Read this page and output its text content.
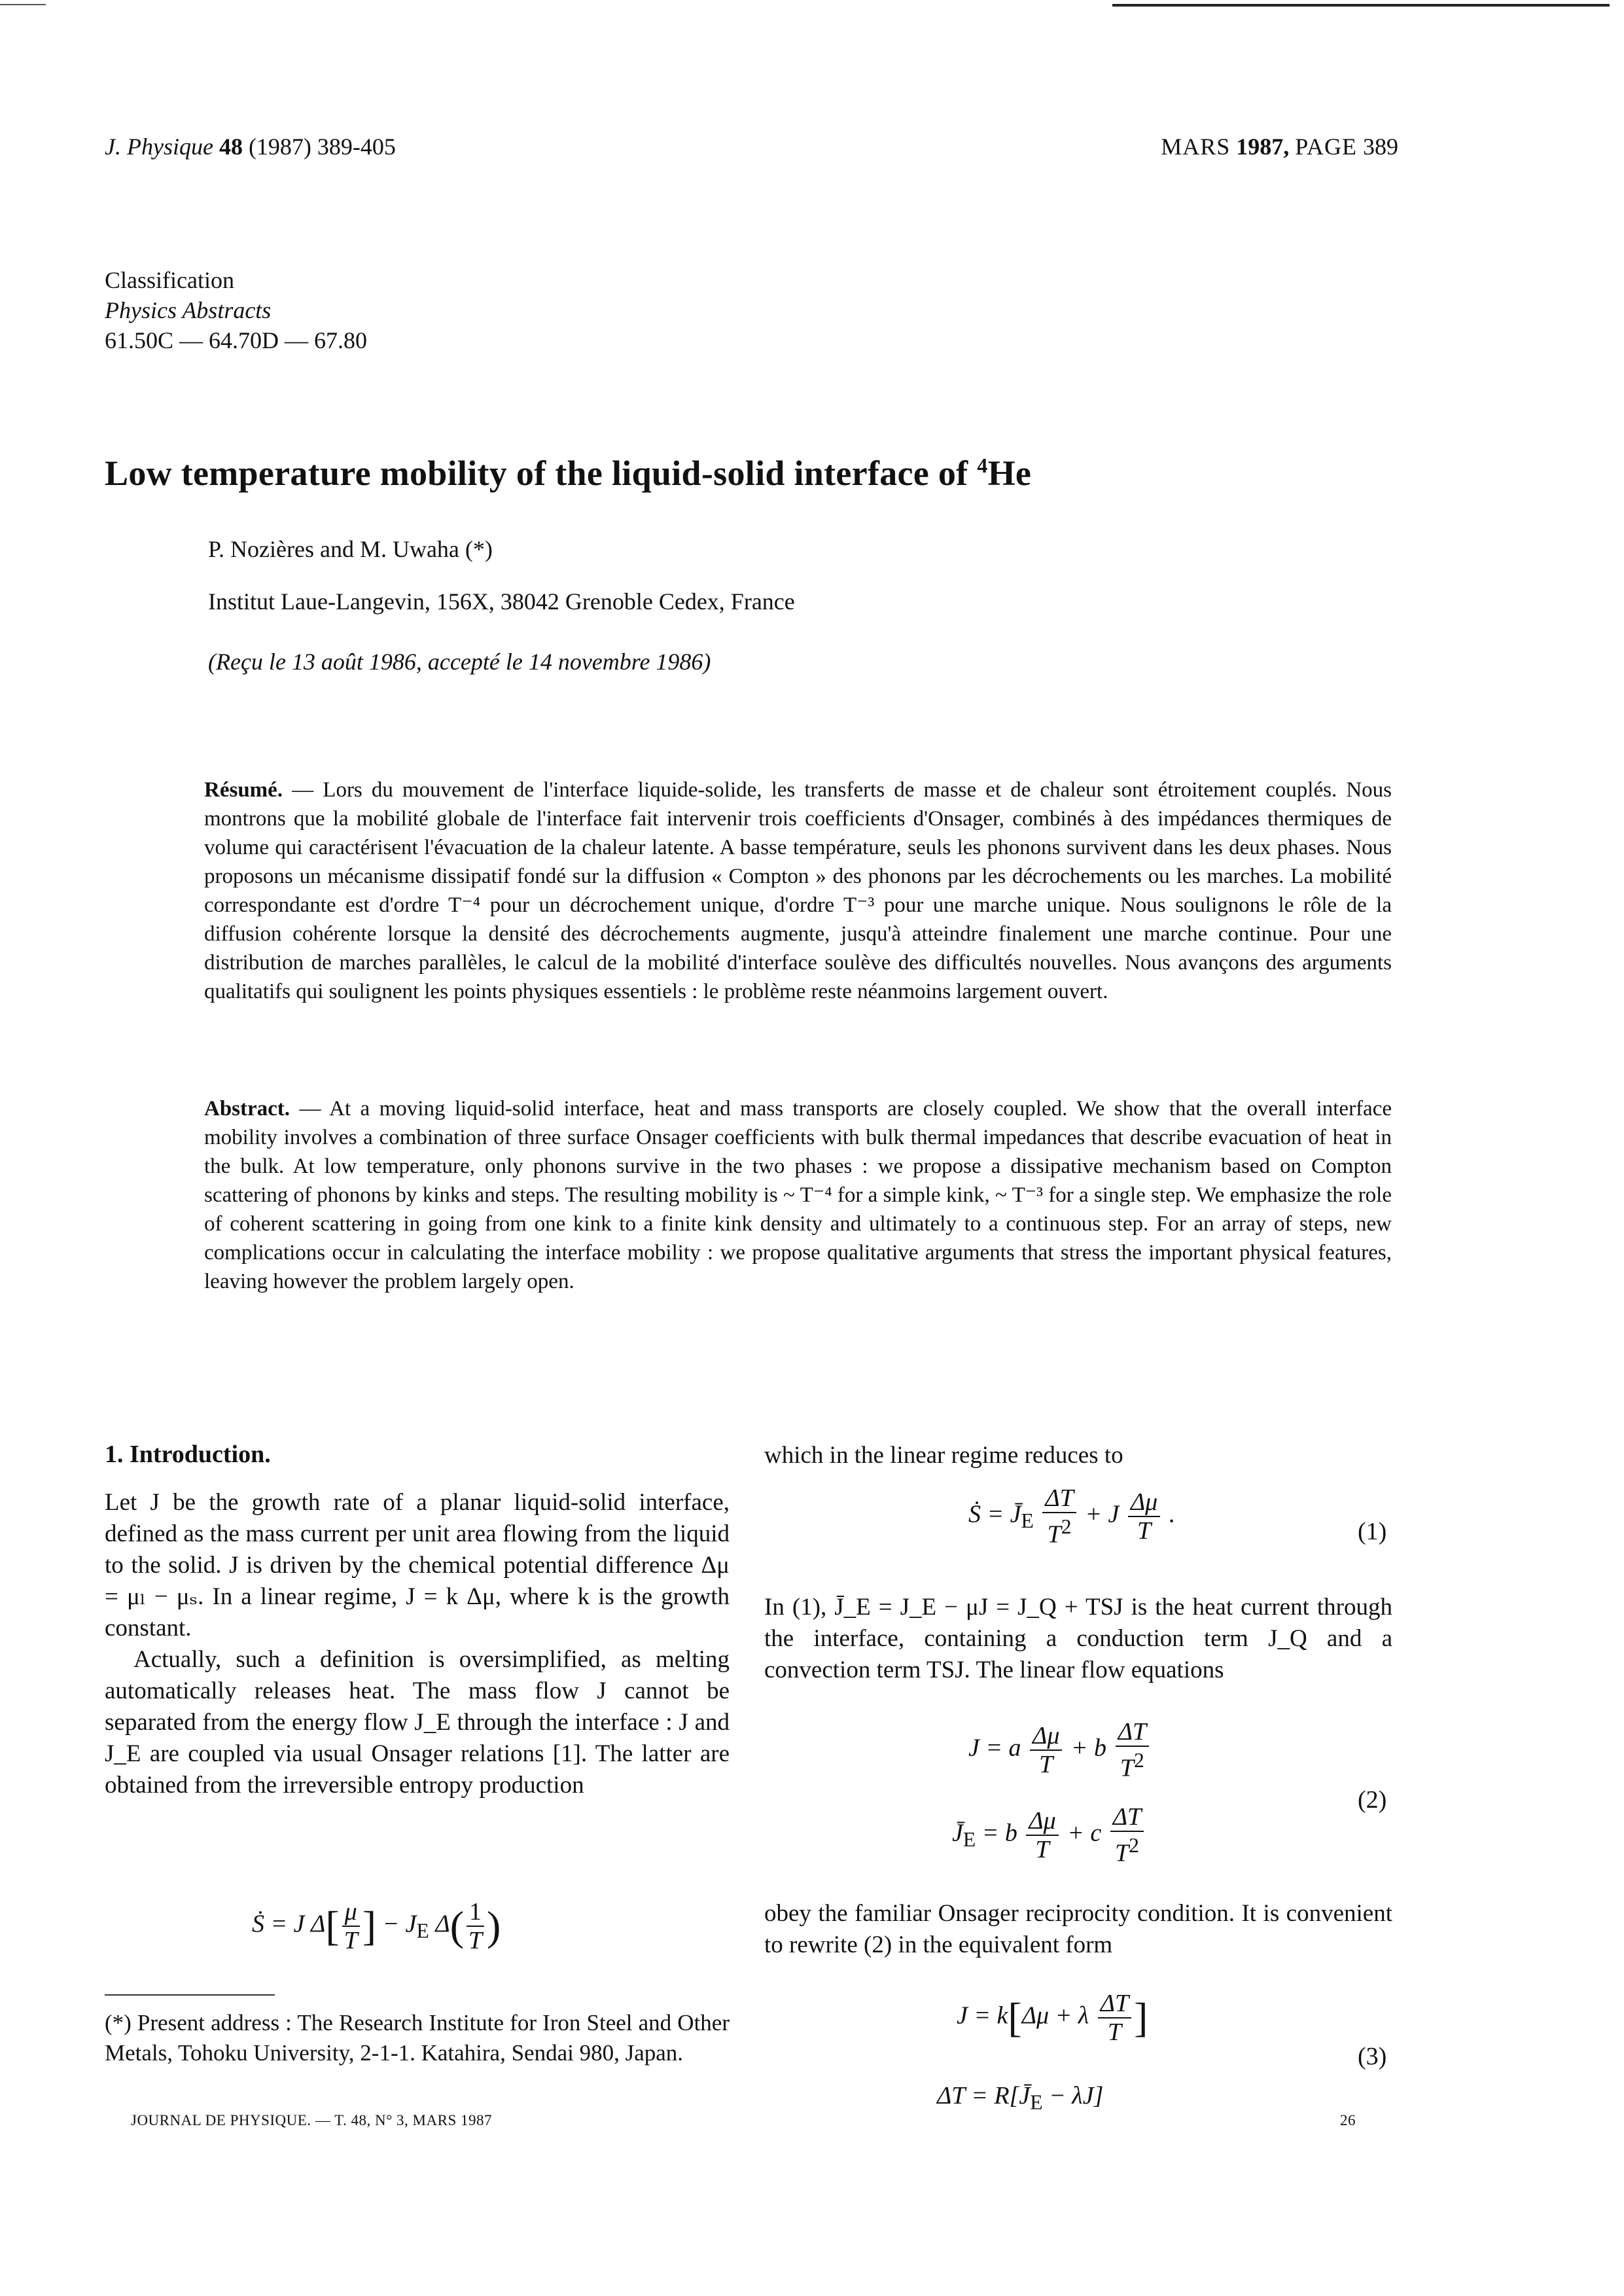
J. Physique 48 (1987) 389-405	MARS 1987, PAGE 389
Classification
Physics Abstracts
61.50C — 64.70D — 67.80
Low temperature mobility of the liquid-solid interface of $^4$He
P. Nozières and M. Uwaha (*)
Institut Laue-Langevin, 156X, 38042 Grenoble Cedex, France
(Reçu le 13 août 1986, accepté le 14 novembre 1986)
Résumé. — Lors du mouvement de l'interface liquide-solide, les transferts de masse et de chaleur sont étroitement couplés. Nous montrons que la mobilité globale de l'interface fait intervenir trois coefficients d'Onsager, combinés à des impédances thermiques de volume qui caractérisent l'évacuation de la chaleur latente. A basse température, seuls les phonons survivent dans les deux phases. Nous proposons un mécanisme dissipatif fondé sur la diffusion « Compton » des phonons par les décrochements ou les marches. La mobilité correspondante est d'ordre T⁻⁴ pour un décrochement unique, d'ordre T⁻³ pour une marche unique. Nous soulignons le rôle de la diffusion cohérente lorsque la densité des décrochements augmente, jusqu'à atteindre finalement une marche continue. Pour une distribution de marches parallèles, le calcul de la mobilité d'interface soulève des difficultés nouvelles. Nous avançons des arguments qualitatifs qui soulignent les points physiques essentiels : le problème reste néanmoins largement ouvert.
Abstract. — At a moving liquid-solid interface, heat and mass transports are closely coupled. We show that the overall interface mobility involves a combination of three surface Onsager coefficients with bulk thermal impedances that describe evacuation of heat in the bulk. At low temperature, only phonons survive in the two phases : we propose a dissipative mechanism based on Compton scattering of phonons by kinks and steps. The resulting mobility is ~ T⁻⁴ for a simple kink, ~ T⁻³ for a single step. We emphasize the role of coherent scattering in going from one kink to a finite kink density and ultimately to a continuous step. For an array of steps, new complications occur in calculating the interface mobility : we propose qualitative arguments that stress the important physical features, leaving however the problem largely open.
1. Introduction.

Let J be the growth rate of a planar liquid-solid interface, defined as the mass current per unit area flowing from the liquid to the solid. J is driven by the chemical potential difference Δμ = μₗ − μₛ. In a linear regime, J = k Δμ, where k is the growth constant.

Actually, such a definition is oversimplified, as melting automatically releases heat. The mass flow J cannot be separated from the energy flow J_E through the interface : J and J_E are coupled via usual Onsager relations [1]. The latter are obtained from the irreversible entropy production

Ṡ = J $\Delta[ \frac{\mu}{T}$ ] − $J_E$ $\Delta( \frac{1}{T}$ )
(*) Present address : The Research Institute for Iron Steel and Other Metals, Tohoku University, 2-1-1. Katahira, Sendai 980, Japan.
JOURNAL DE PHYSIQUE. — T. 48, N° 3, MARS 1987
which in the linear regime reduces to
Ṡ = $J̄_E \frac{\Delta T}{T^2} + J \frac{\Delta\mu}{T}$ .
(1)
In (1), J̄_E = J_E − μJ = J_Q + TSJ is the heat current through the interface, containing a conduction term J_Q and a convection term TSJ. The linear flow equations
J = a $\frac{\Delta\mu}{T} + b \frac{\Delta T}{T^2}$
$J̄_E = b \frac{\Delta\mu}{T} + c \frac{\Delta T}{T^2}$
(2)
obey the familiar Onsager reciprocity condition. It is convenient to rewrite (2) in the equivalent form
J = k[Δμ + λ $\frac{\Delta T}{T}$ ]
$\Delta T = R[J̄_E - \lambda J]$
(3)
26
